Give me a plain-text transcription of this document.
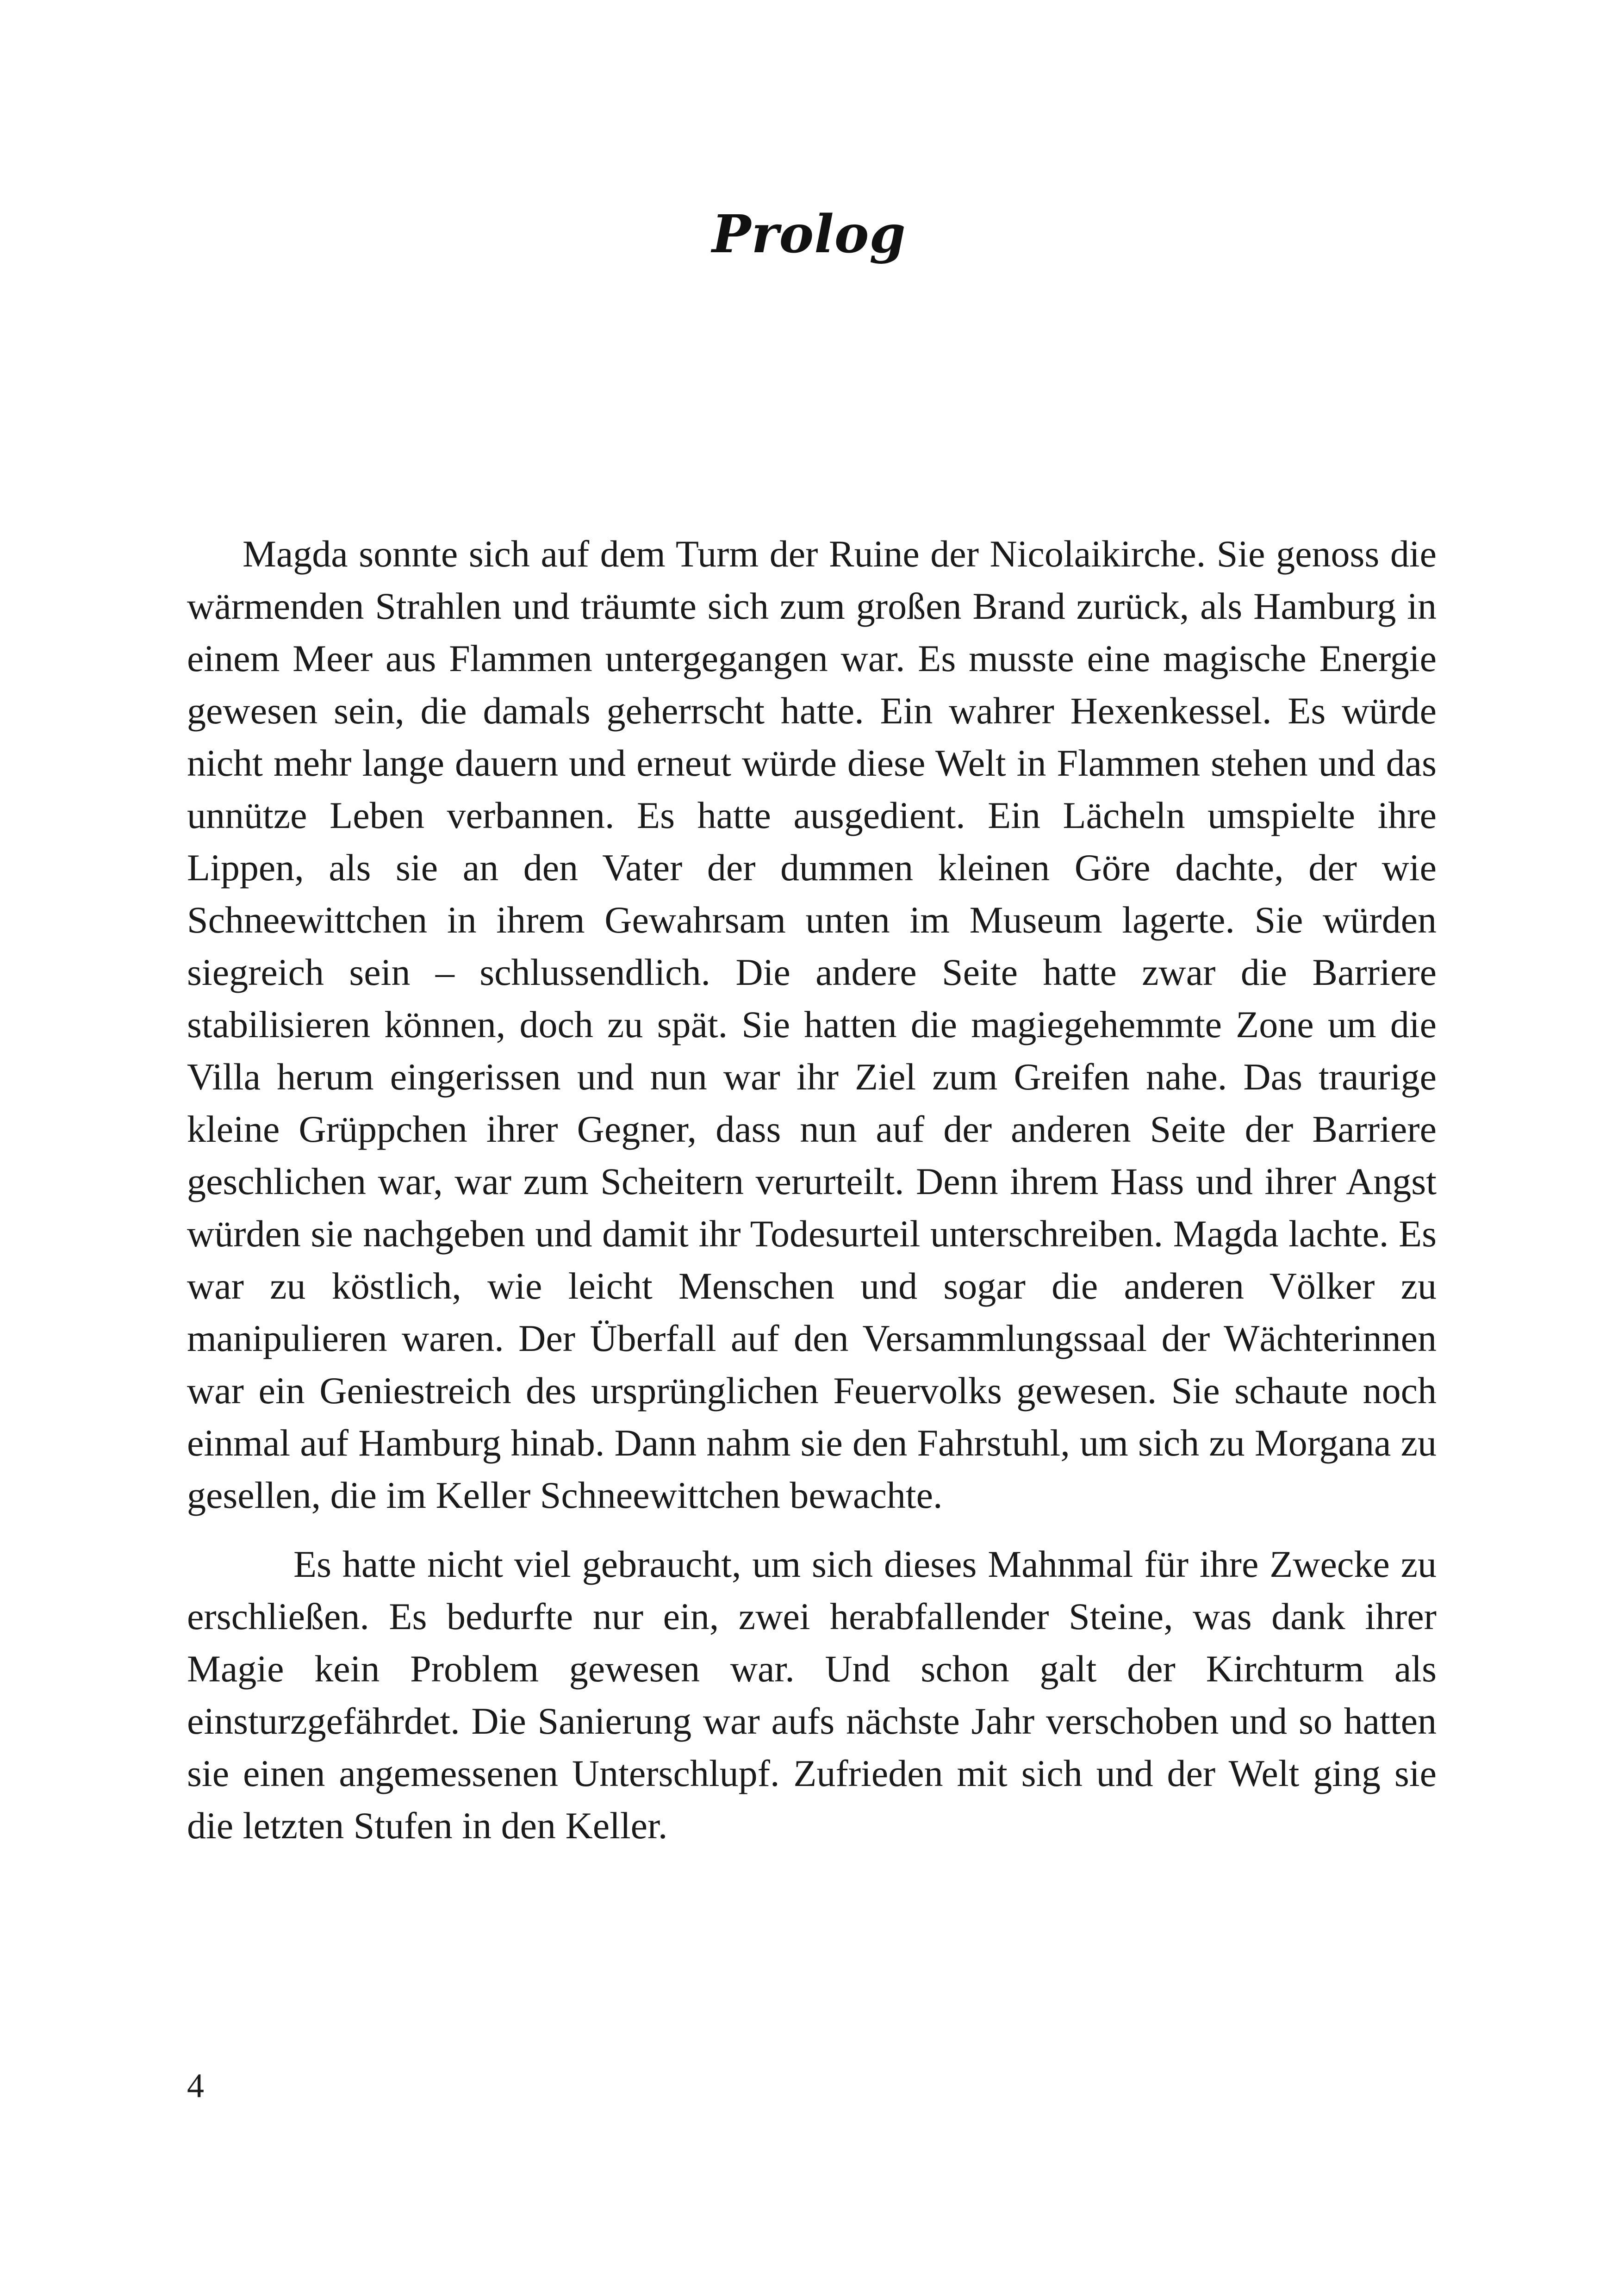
Prolog

Magda sonnte sich auf dem Turm der Ruine der Nicolaikirche. Sie genoss die wärmenden Strahlen und träumte sich zum großen Brand zurück, als Hamburg in einem Meer aus Flammen untergegangen war. Es musste eine magische Energie gewesen sein, die damals geherrscht hatte. Ein wahrer Hexenkessel. Es würde nicht mehr lange dauern und erneut würde diese Welt in Flammen stehen und das unnütze Leben verbannen. Es hatte ausgedient. Ein Lächeln umspielte ihre Lippen, als sie an den Vater der dummen kleinen Göre dachte, der wie Schneewittchen in ihrem Gewahrsam unten im Museum lagerte. Sie würden siegreich sein – schlussendlich. Die andere Seite hatte zwar die Barriere stabilisieren können, doch zu spät. Sie hatten die magiegehemmte Zone um die Villa herum eingerissen und nun war ihr Ziel zum Greifen nahe. Das traurige kleine Grüppchen ihrer Gegner, dass nun auf der anderen Seite der Barriere geschlichen war, war zum Scheitern verurteilt. Denn ihrem Hass und ihrer Angst würden sie nachgeben und damit ihr Todesurteil unterschreiben. Magda lachte. Es war zu köstlich, wie leicht Menschen und sogar die anderen Völker zu manipulieren waren. Der Überfall auf den Versammlungssaal der Wächterinnen war ein Geniestreich des ursprünglichen Feuervolks gewesen. Sie schaute noch einmal auf Hamburg hinab. Dann nahm sie den Fahrstuhl, um sich zu Morgana zu gesellen, die im Keller Schneewittchen bewachte.

Es hatte nicht viel gebraucht, um sich dieses Mahnmal für ihre Zwecke zu erschließen. Es bedurfte nur ein, zwei herabfallender Steine, was dank ihrer Magie kein Problem gewesen war. Und schon galt der Kirchturm als einsturzgefährdet. Die Sanierung war aufs nächste Jahr verschoben und so hatten sie einen angemessenen Unterschlupf. Zufrieden mit sich und der Welt ging sie die letzten Stufen in den Keller.

4
